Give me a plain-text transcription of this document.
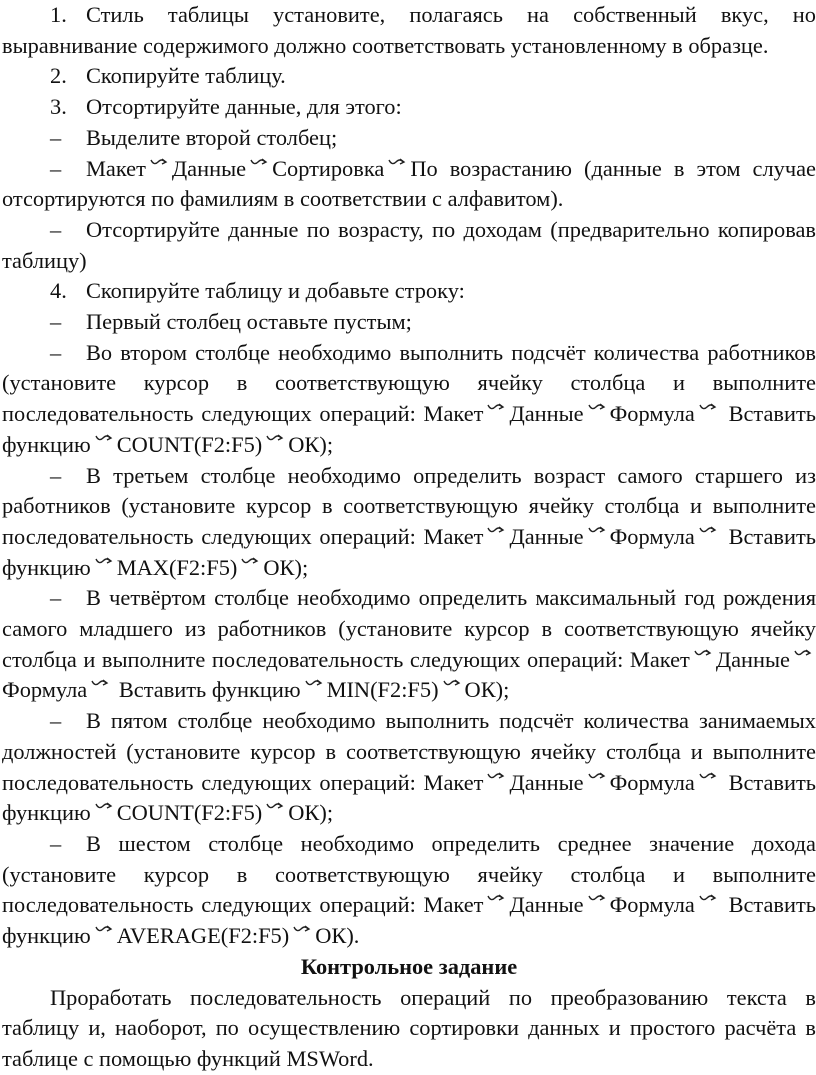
1. Стиль таблицы установите, полагаясь на собственный вкус, но выравнивание содержимого должно соответствовать установленному в образце.

2. Скопируйте таблицу.

3. Отсортируйте данные, для этого:

– Выделите второй столбец;

– Макет Данные Сортировка По возрастанию (данные в этом случае отсортируются по фамилиям в соответствии с алфавитом).

– Отсортируйте данные по возрасту, по доходам (предварительно копировав таблицу)

4. Скопируйте таблицу и добавьте строку:

– Первый столбец оставьте пустым;

– Во втором столбце необходимо выполнить подсчёт количества работников (установите курсор в соответствующую ячейку столбца и выполните последовательность следующих операций: Макет Данные Формула Вставить функцию COUNT(F2:F5) ОК);

– В третьем столбце необходимо определить возраст самого старшего из работников (установите курсор в соответствующую ячейку столбца и выполните последовательность следующих операций: Макет Данные Формула Вставить функцию MAX(F2:F5) ОК);

– В четвёртом столбце необходимо определить максимальный год рождения самого младшего из работников (установите курсор в соответствующую ячейку столбца и выполните последовательность следующих операций: Макет Данные
Формула Вставить функцию MIN(F2:F5) ОК);

– В пятом столбце необходимо выполнить подсчёт количества занимаемых должностей (установите курсор в соответствующую ячейку столбца и выполните последовательность следующих операций: Макет Данные Формула Вставить функцию COUNT(F2:F5) ОК);

– В шестом столбце необходимо определить среднее значение дохода (установите курсор в соответствующую ячейку столбца и выполните последовательность следующих операций: Макет Данные Формула Вставить функцию AVERAGE(F2:F5) ОК).

Контрольное задание

Проработать последовательность операций по преобразованию текста в таблицу и, наоборот, по осуществлению сортировки данных и простого расчёта в таблице с помощью функций MSWord.
